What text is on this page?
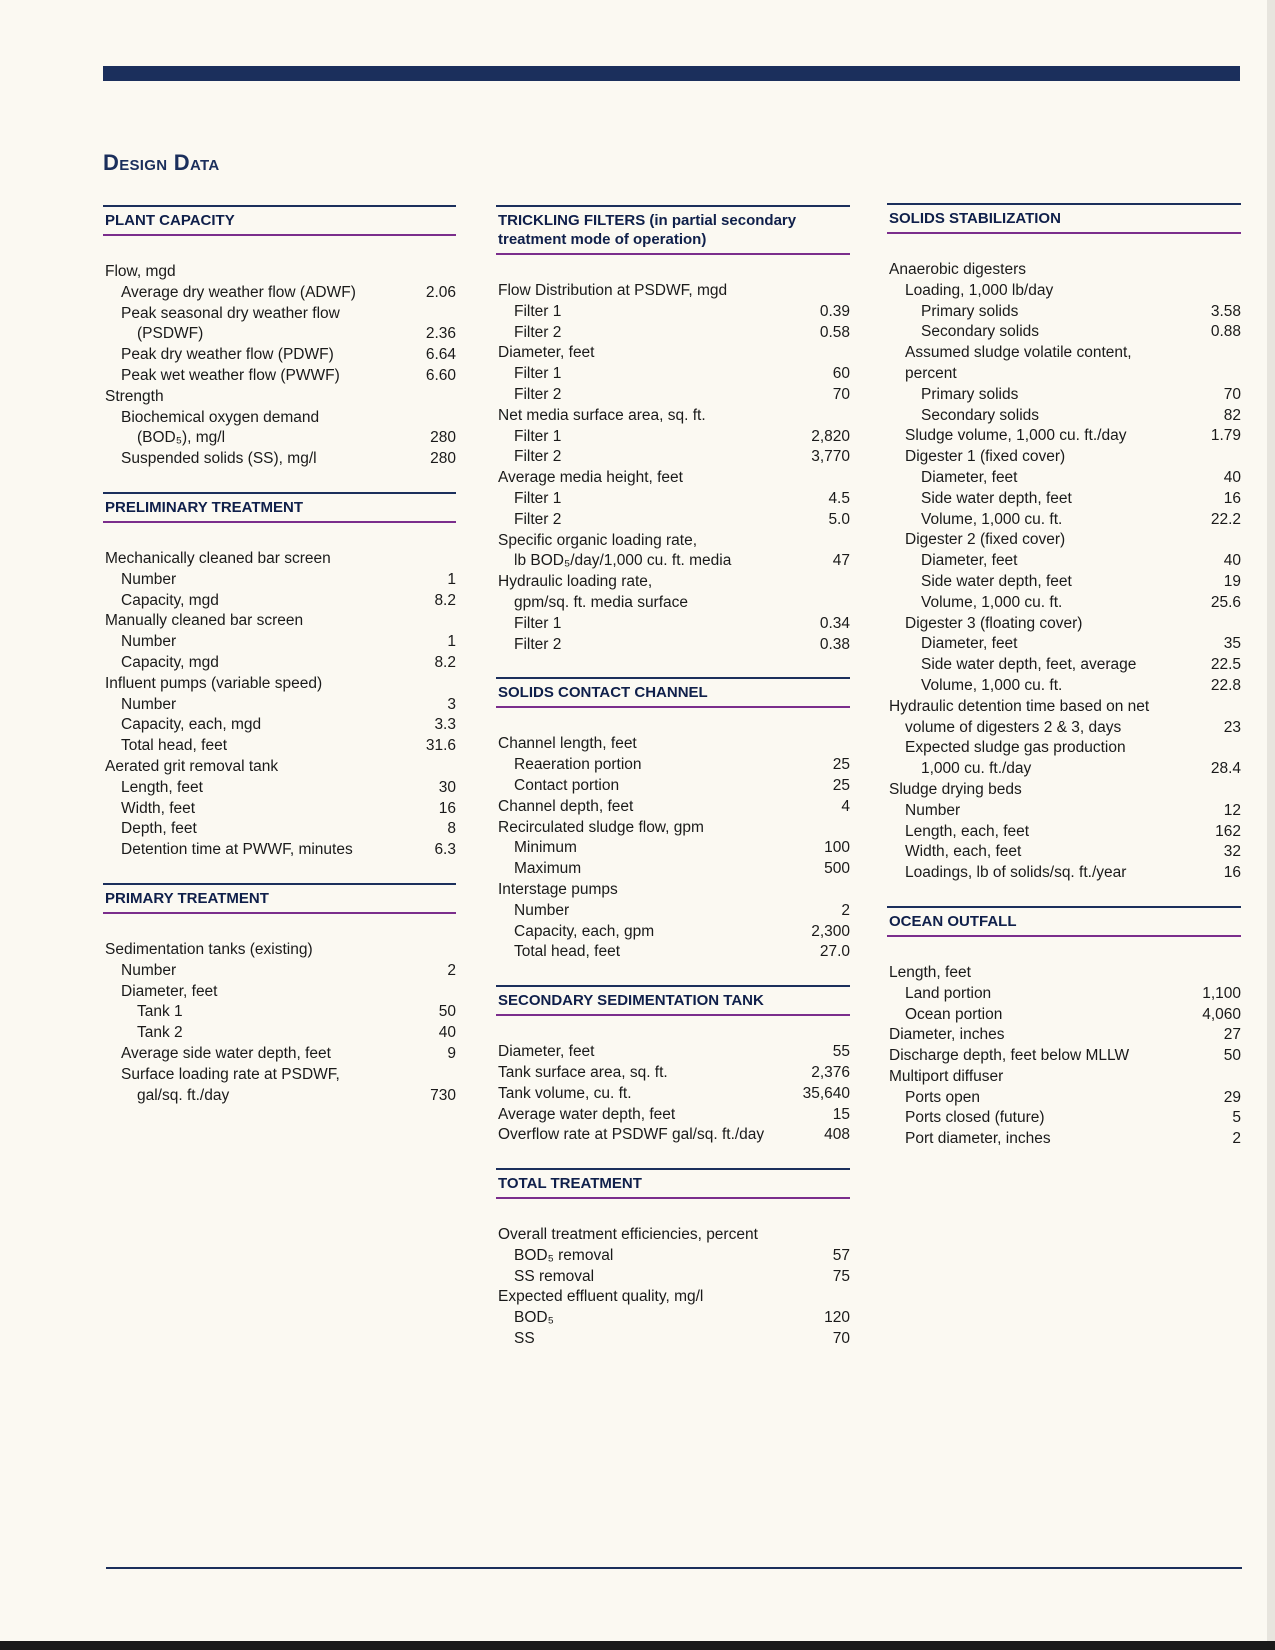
Design Data
PLANT CAPACITY
Flow, mgd
Average dry weather flow (ADWF)	2.06
Peak seasonal dry weather flow
(PSDWF)	2.36
Peak dry weather flow (PDWF)	6.64
Peak wet weather flow (PWWF)	6.60
Strength
Biochemical oxygen demand
(BOD₅), mg/l	280
Suspended solids (SS), mg/l	280
PRELIMINARY TREATMENT
Mechanically cleaned bar screen
Number	1
Capacity, mgd	8.2
Manually cleaned bar screen
Number	1
Capacity, mgd	8.2
Influent pumps (variable speed)
Number	3
Capacity, each, mgd	3.3
Total head, feet	31.6
Aerated grit removal tank
Length, feet	30
Width, feet	16
Depth, feet	8
Detention time at PWWF, minutes	6.3
PRIMARY TREATMENT
Sedimentation tanks (existing)
Number	2
Diameter, feet
Tank 1	50
Tank 2	40
Average side water depth, feet	9
Surface loading rate at PSDWF,
gal/sq. ft./day	730
TRICKLING FILTERS (in partial secondary
treatment mode of operation)
Flow Distribution at PSDWF, mgd
Filter 1	0.39
Filter 2	0.58
Diameter, feet
Filter 1	60
Filter 2	70
Net media surface area, sq. ft.
Filter 1	2,820
Filter 2	3,770
Average media height, feet
Filter 1	4.5
Filter 2	5.0
Specific organic loading rate,
lb BOD₅/day/1,000 cu. ft. media	47
Hydraulic loading rate,
gpm/sq. ft. media surface
Filter 1	0.34
Filter 2	0.38
SOLIDS CONTACT CHANNEL
Channel length, feet
Reaeration portion	25
Contact portion	25
Channel depth, feet	4
Recirculated sludge flow, gpm
Minimum	100
Maximum	500
Interstage pumps
Number	2
Capacity, each, gpm	2,300
Total head, feet	27.0
SECONDARY SEDIMENTATION TANK
Diameter, feet	55
Tank surface area, sq. ft.	2,376
Tank volume, cu. ft.	35,640
Average water depth, feet	15
Overflow rate at PSDWF gal/sq. ft./day	408
TOTAL TREATMENT
Overall treatment efficiencies, percent
BOD₅ removal	57
SS removal	75
Expected effluent quality, mg/l
BOD₅	120
SS	70
SOLIDS STABILIZATION
Anaerobic digesters
Loading, 1,000 lb/day
Primary solids	3.58
Secondary solids	0.88
Assumed sludge volatile content, percent
Primary solids	70
Secondary solids	82
Sludge volume, 1,000 cu. ft./day	1.79
Digester 1 (fixed cover)
Diameter, feet	40
Side water depth, feet	16
Volume, 1,000 cu. ft.	22.2
Digester 2 (fixed cover)
Diameter, feet	40
Side water depth, feet	19
Volume, 1,000 cu. ft.	25.6
Digester 3 (floating cover)
Diameter, feet	35
Side water depth, feet, average	22.5
Volume, 1,000 cu. ft.	22.8
Hydraulic detention time based on net
volume of digesters 2 & 3, days	23
Expected sludge gas production
1,000 cu. ft./day	28.4
Sludge drying beds
Number	12
Length, each, feet	162
Width, each, feet	32
Loadings, lb of solids/sq. ft./year	16
OCEAN OUTFALL
Length, feet
Land portion	1,100
Ocean portion	4,060
Diameter, inches	27
Discharge depth, feet below MLLW	50
Multiport diffuser
Ports open	29
Ports closed (future)	5
Port diameter, inches	2
